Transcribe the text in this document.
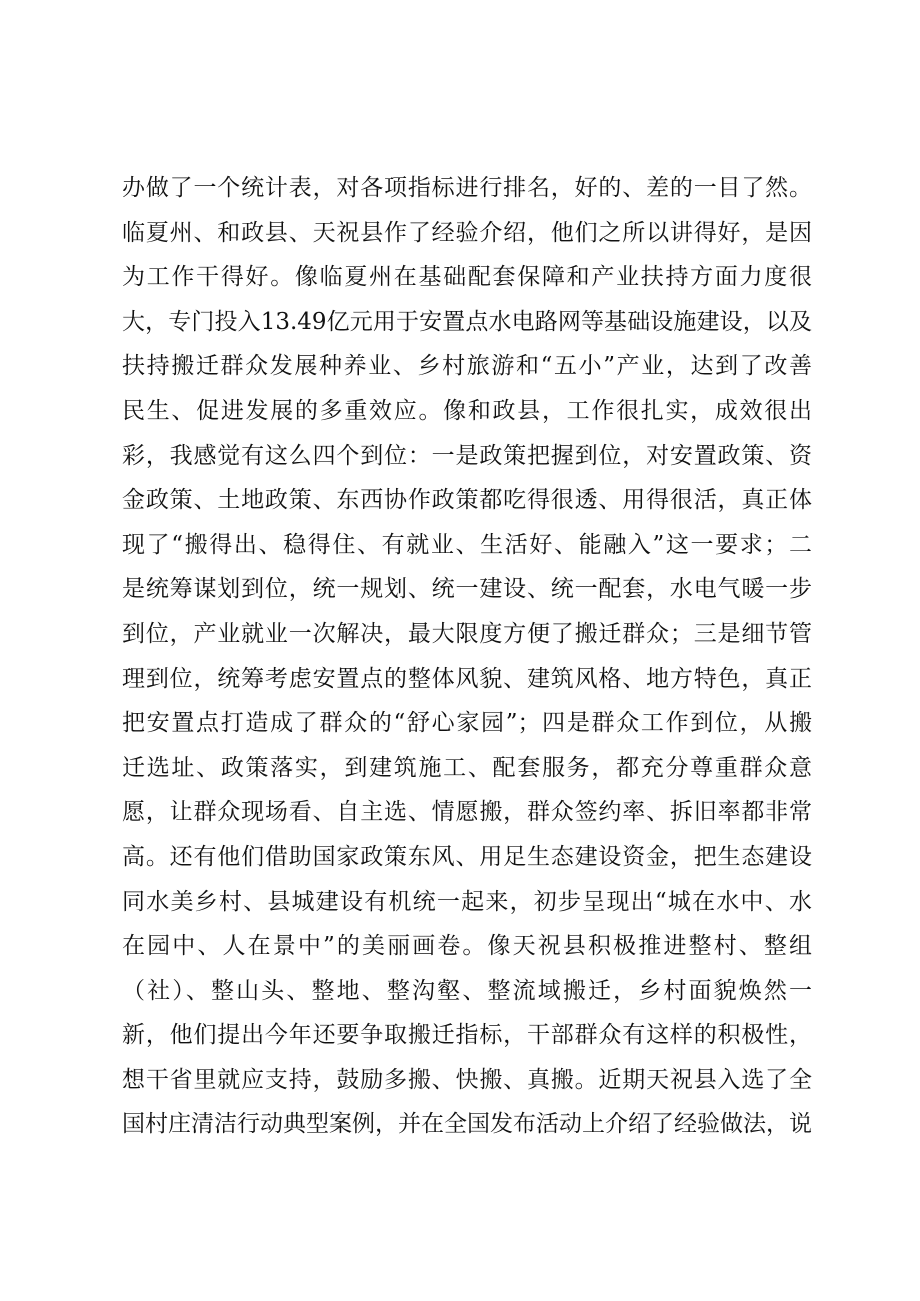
办做了一个统计表，对各项指标进行排名，好的、差的一目了然。
临夏州、和政县、天祝县作了经验介绍，他们之所以讲得好，是因
为工作干得好。像临夏州在基础配套保障和产业扶持方面力度很
大，专门投入13.49亿元用于安置点水电路网等基础设施建设，以及
扶持搬迁群众发展种养业、乡村旅游和“五小”产业，达到了改善
民生、促进发展的多重效应。像和政县，工作很扎实，成效很出
彩，我感觉有这么四个到位：一是政策把握到位，对安置政策、资
金政策、土地政策、东西协作政策都吃得很透、用得很活，真正体
现了“搬得出、稳得住、有就业、生活好、能融入”这一要求；二
是统筹谋划到位，统一规划、统一建设、统一配套，水电气暖一步
到位，产业就业一次解决，最大限度方便了搬迁群众；三是细节管
理到位，统筹考虑安置点的整体风貌、建筑风格、地方特色，真正
把安置点打造成了群众的“舒心家园”；四是群众工作到位，从搬
迁选址、政策落实，到建筑施工、配套服务，都充分尊重群众意
愿，让群众现场看、自主选、情愿搬，群众签约率、拆旧率都非常
高。还有他们借助国家政策东风、用足生态建设资金，把生态建设
同水美乡村、县城建设有机统一起来，初步呈现出“城在水中、水
在园中、人在景中”的美丽画卷。像天祝县积极推进整村、整组
（社）、整山头、整地、整沟壑、整流域搬迁，乡村面貌焕然一
新，他们提出今年还要争取搬迁指标，干部群众有这样的积极性，
想干省里就应支持，鼓励多搬、快搬、真搬。近期天祝县入选了全
国村庄清洁行动典型案例，并在全国发布活动上介绍了经验做法，说
